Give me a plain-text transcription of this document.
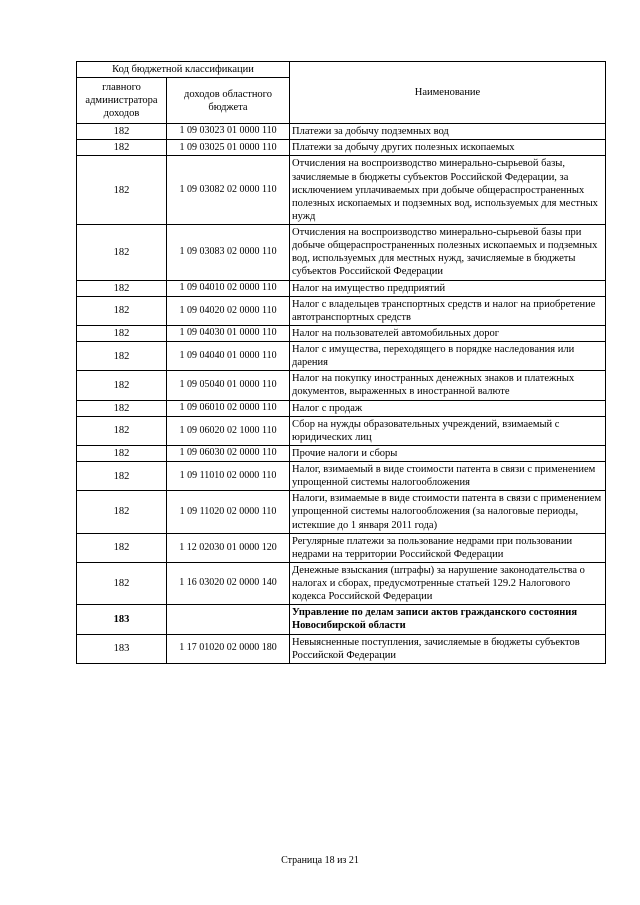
Код бюджетной классификации		Наименование
главного администратора доходов	доходов областного бюджета	
182	1 09 03023 01 0000 110	Платежи за добычу подземных вод
182	1 09 03025 01 0000 110	Платежи за добычу других полезных ископаемых
182	1 09 03082 02 0000 110	Отчисления на воспроизводство минерально-сырьевой базы, зачисляемые в бюджеты субъектов Российской Федерации, за исключением уплачиваемых при добыче общераспространенных полезных ископаемых и подземных вод, используемых для местных нужд
182	1 09 03083 02 0000 110	Отчисления на воспроизводство минерально-сырьевой базы при добыче общераспространенных полезных ископаемых и подземных вод, используемых для местных нужд, зачисляемые в бюджеты субъектов Российской Федерации
182	1 09 04010 02 0000 110	Налог на имущество предприятий
182	1 09 04020 02 0000 110	Налог с владельцев транспортных средств и налог на приобретение автотранспортных средств
182	1 09 04030 01 0000 110	Налог на пользователей автомобильных дорог
182	1 09 04040 01 0000 110	Налог с имущества, переходящего в порядке наследования или дарения
182	1 09 05040 01 0000 110	Налог на покупку иностранных денежных знаков и платежных документов, выраженных в иностранной валюте
182	1 09 06010 02 0000 110	Налог с продаж
182	1 09 06020 02 1000 110	Сбор на нужды образовательных учреждений, взимаемый с юридических лиц
182	1 09 06030 02 0000 110	Прочие налоги и сборы
182	1 09 11010 02 0000 110	Налог, взимаемый в виде стоимости патента в связи с применением упрощенной системы налогообложения
182	1 09 11020 02 0000 110	Налоги, взимаемые в виде стоимости патента в связи с применением упрощенной системы налогообложения (за налоговые периоды, истекшие до 1 января 2011 года)
182	1 12 02030 01 0000 120	Регулярные платежи за пользование недрами при пользовании недрами на территории Российской Федерации
182	1 16 03020 02 0000 140	Денежные взыскания (штрафы) за нарушение законодательства о налогах и сборах, предусмотренные статьей 129.2 Налогового кодекса Российской Федерации
183		Управление по делам записи актов гражданского состояния Новосибирской области
183	1 17 01020 02 0000 180	Невыясненные поступления, зачисляемые в бюджеты субъектов Российской Федерации
Страница 18 из 21
